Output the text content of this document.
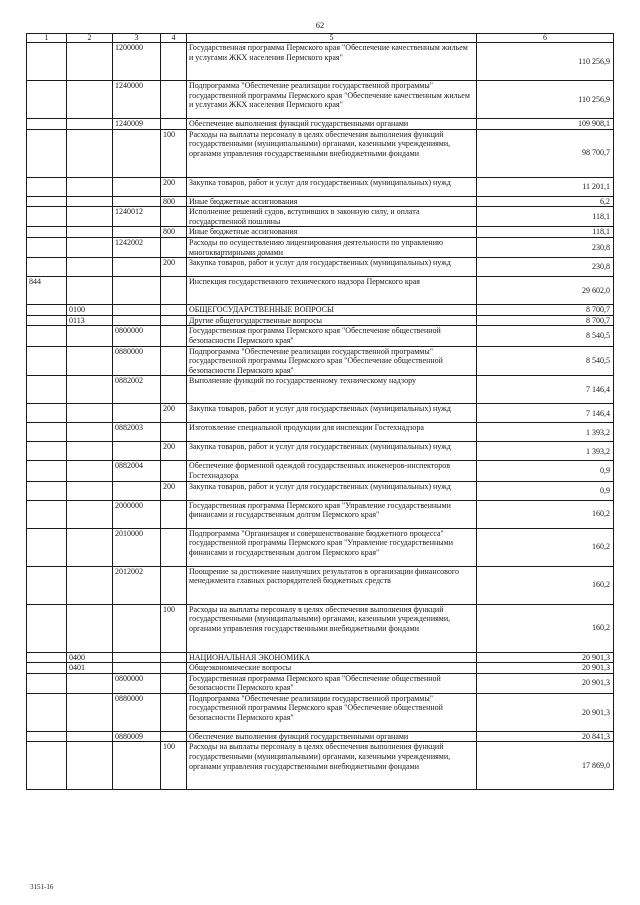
62
1	2	3	4	5	6
		1200000		Государственная программа Пермского края "Обеспечение качественным жильем и услугами ЖКХ населения Пермского края"	110 256,9
		1240000		Подпрограмма "Обеспечение реализации государственной программы" государственной программы Пермского края "Обеспечение качественным жильем и услугами ЖКХ населения Пермского края"	110 256,9
		1240009		Обеспечение выполнения функций государственными органами	109 908,1
			100	Расходы на выплаты персоналу в целях обеспечения выполнения функций государственными (муниципальными) органами, казенными учреждениями, органами управления государственными внебюджетными фондами	98 700,7
			200	Закупка товаров, работ и услуг для государственных (муниципальных) нужд	11 201,1
			800	Иные бюджетные ассигнования	6,2
		1240012		Исполнение решений судов, вступивших в законную силу, и оплата государственной пошлины	118,1
			800	Иные бюджетные ассигнования	118,1
		1242002		Расходы по осуществлению лицензирования деятельности по управлению многоквартирными домами	230,8
			200	Закупка товаров, работ и услуг для государственных (муниципальных) нужд	230,8
844				Инспекция государственного технического надзора Пермского края	29 602,0
	0100			ОБЩЕГОСУДАРСТВЕННЫЕ ВОПРОСЫ	8 700,7
	0113			Другие общегосударственные вопросы	8 700,7
		0800000		Государственная программа Пермского края "Обеспечение общественной безопасности Пермского края"	8 540,5
		0880000		Подпрограмма "Обеспечение реализации государственной программы" государственной программы Пермского края "Обеспечение общественной безопасности Пермского края"	8 540,5
		0882002		Выполнение функций по государственному техническому надзору	7 146,4
			200	Закупка товаров, работ и услуг для государственных (муниципальных) нужд	7 146,4
		0882003		Изготовление специальной продукции для инспекции Гостехнадзора	1 393,2
			200	Закупка товаров, работ и услуг для государственных (муниципальных) нужд	1 393,2
		0882004		Обеспечение форменной одеждой государственных инженеров-инспекторов Гостехнадзора	0,9
			200	Закупка товаров, работ и услуг для государственных (муниципальных) нужд	0,9
		2000000		Государственная программа Пермского края "Управление государственными финансами и государственным долгом Пермского края"	160,2
		2010000		Подпрограмма "Организация и совершенствование бюджетного процесса" государственной программы Пермского края "Управление государственными финансами и государственным долгом Пермского края"	160,2
		2012002		Поощрение за достижение наилучших результатов в организации финансового менеджмента главных распорядителей бюджетных средств	160,2
			100	Расходы на выплаты персоналу в целях обеспечения выполнения функций государственными (муниципальными) органами, казенными учреждениями, органами управления государственными внебюджетными фондами	160,2
	0400			НАЦИОНАЛЬНАЯ ЭКОНОМИКА	20 901,3
	0401			Общеэкономические вопросы	20 901,3
		0800000		Государственная программа Пермского края "Обеспечение общественной безопасности Пермского края"	20 901,3
		0880000		Подпрограмма "Обеспечение реализации государственной программы" государственной программы Пермского края "Обеспечение общественной безопасности Пермского края"	20 901,3
		0880009		Обеспечение выполнения функций государственными органами	20 841,3
			100	Расходы на выплаты персоналу в целях обеспечения выполнения функций государственными (муниципальными) органами, казенными учреждениями, органами управления государственными внебюджетными фондами	17 869,0
3151-16
